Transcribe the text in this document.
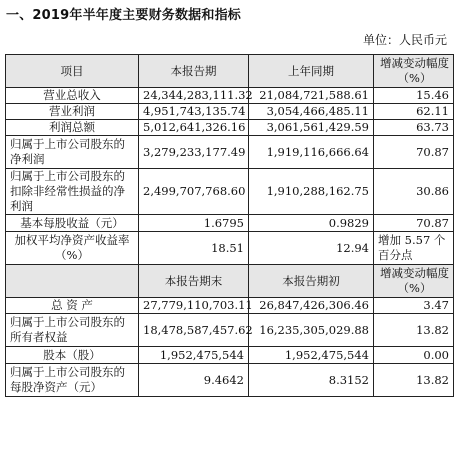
一、2019年半年度主要财务数据和指标
单位：人民币元
项目	本报告期	上年同期	增减变动幅度（%）
营业总收入	24,344,283,111.32	21,084,721,588.61	15.46
营业利润	4,951,743,135.74	3,054,466,485.11	62.11
利润总额	5,012,641,326.16	3,061,561,429.59	63.73
归属于上市公司股东的净利润	3,279,233,177.49	1,919,116,666.64	70.87
归属于上市公司股东的扣除非经常性损益的净利润	2,499,707,768.60	1,910,288,162.75	30.86
基本每股收益（元）	1.6795	0.9829	70.87
加权平均净资产收益率（%）	18.51	12.94	增加 5.57 个百分点
	本报告期末	本报告期初	增减变动幅度（%）
总 资 产	27,779,110,703.11	26,847,426,306.46	3.47
归属于上市公司股东的所有者权益	18,478,587,457.62	16,235,305,029.88	13.82
股本（股）	1,952,475,544	1,952,475,544	0.00
归属于上市公司股东的每股净资产（元）	9.4642	8.3152	13.82
